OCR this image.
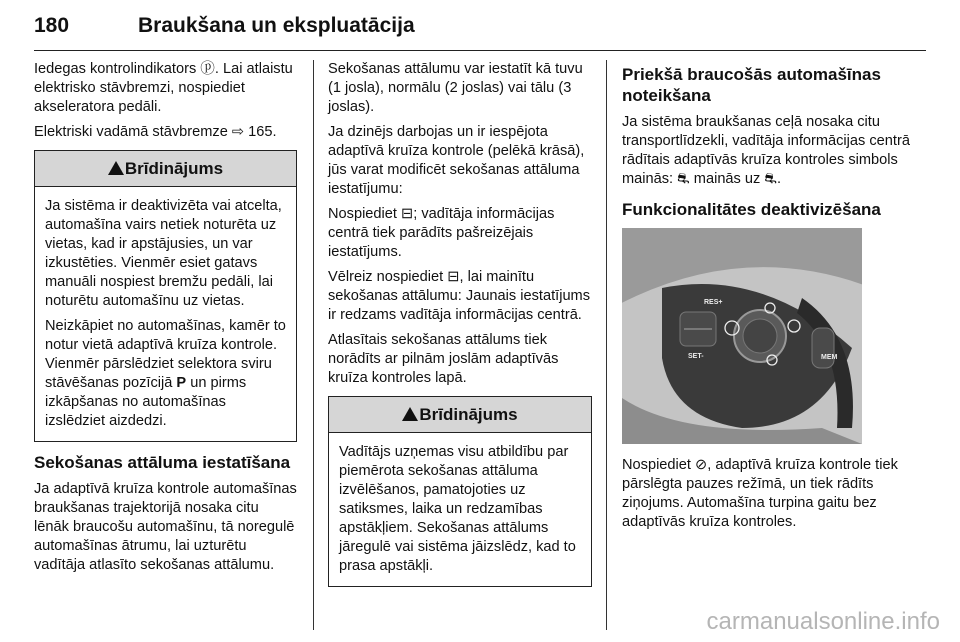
180	Braukšana un ekspluatācija

Iedegas kontrolindikators ⓟ. Lai atlaistu elektrisko stāvbremzi, nospiediet akseleratora pedāli.

Elektriski vadāmā stāvbremze ⇨ 165.

Brīdinājums

Ja sistēma ir deaktivizēta vai atcelta, automašīna vairs netiek noturēta uz vietas, kad ir apstājusies, un var izkustēties. Vienmēr esiet gatavs manuāli nospiest bremžu pedāli, lai noturētu automašīnu uz vietas.

Neizkāpiet no automašīnas, kamēr to notur vietā adaptīvā kruīza kontrole. Vienmēr pārslēdziet selektora sviru stāvēšanas pozīcijā P un pirms izkāpšanas no automašīnas izslēdziet aizdedzi.

Sekošanas attāluma iestatīšana

Ja adaptīvā kruīza kontrole automašīnas braukšanas trajektorijā nosaka citu lēnāk braucošu automašīnu, tā noregulē automašīnas ātrumu, lai uzturētu vadītāja atlasīto sekošanas attālumu.

Sekošanas attālumu var iestatīt kā tuvu (1 josla), normālu (2 joslas) vai tālu (3 joslas).

Ja dzinējs darbojas un ir iespējota adaptīvā kruīza kontrole (pelēkā krāsā), jūs varat modificēt sekošanas attāluma iestatījumu:

Nospiediet ⊟; vadītāja informācijas centrā tiek parādīts pašreizējais iestatījums.

Vēlreiz nospiediet ⊟, lai mainītu sekošanas attālumu: Jaunais iestatījums ir redzams vadītāja informācijas centrā.

Atlasītais sekošanas attālums tiek norādīts ar pilnām joslām adaptīvās kruīza kontroles lapā.

Brīdinājums

Vadītājs uzņemas visu atbildību par piemērota sekošanas attāluma izvēlēšanos, pamatojoties uz satiksmes, laika un redzamības apstākļiem. Sekošanas attālums jāregulē vai sistēma jāizslēdz, kad to prasa apstākļi.

Priekšā braucošās automašīnas noteikšana

Ja sistēma braukšanas ceļā nosaka citu transportlīdzekli, vadītāja informācijas centrā rādītais adaptīvās kruīza kontroles simbols mainās: ⛐ mainās uz ⛐.

Funkcionalitātes deaktivizēšana
RES+
SET-	MEM

Nospiediet ⊘, adaptīvā kruīza kontrole tiek pārslēgta pauzes režīmā, un tiek rādīts ziņojums. Automašīna turpina gaitu bez adaptīvās kruīza kontroles.

carmanualsonline.info
